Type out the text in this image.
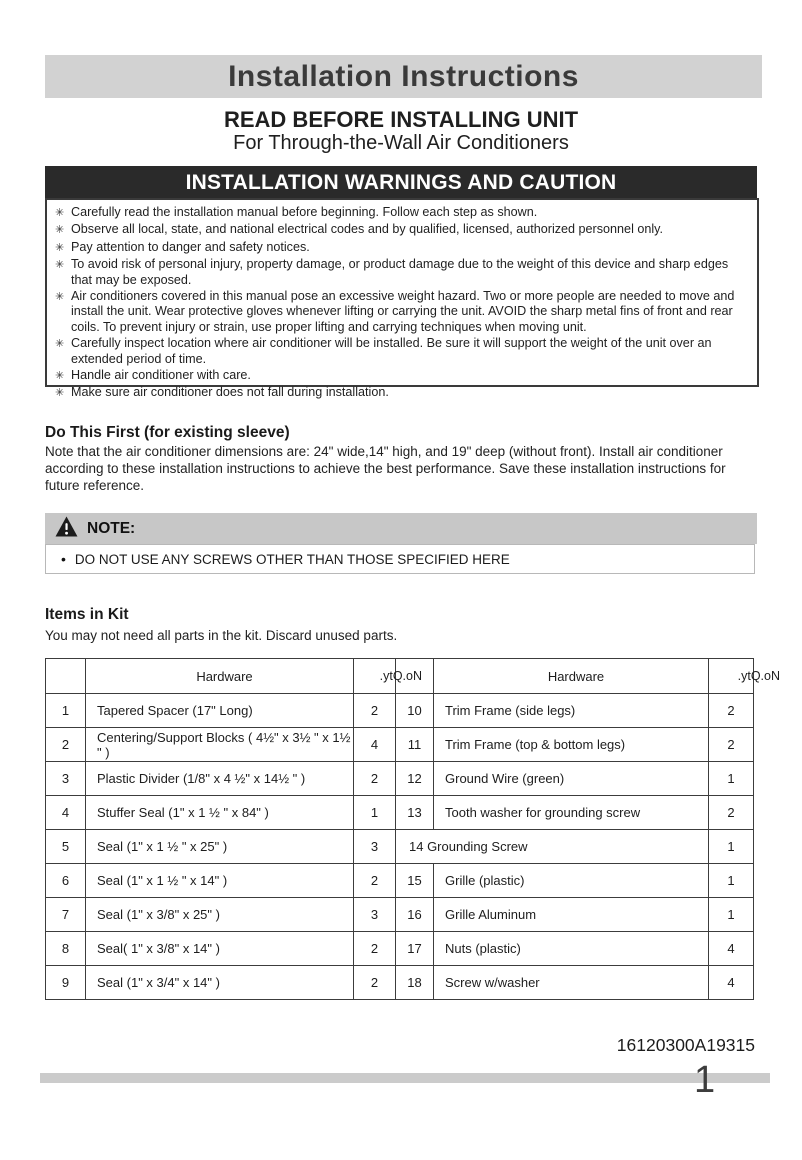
Installation Instructions
READ BEFORE INSTALLING UNIT
For Through-the-Wall Air Conditioners
INSTALLATION WARNINGS AND CAUTION
✳ Carefully read the installation manual before beginning. Follow each step as shown.
✳ Observe all local, state, and national electrical codes and by qualified, licensed, authorized personnel only.
✳ Pay attention to danger and safety notices.
✳ To avoid risk of personal injury, property damage, or product damage due to the weight of this device and sharp edges that may be exposed.
✳ Air conditioners covered in this manual pose an excessive weight hazard. Two or more people are needed to move and install the unit. Wear protective gloves whenever lifting or carrying the unit. AVOID the sharp metal fins of front and rear coils. To prevent injury or strain, use proper lifting and carrying techniques when moving unit.
✳ Carefully inspect location where air conditioner will be installed. Be sure it will support the weight of the unit over an extended period of time.
✳ Handle air conditioner with care.
✳ Make sure air conditioner does not fall during installation.
Do This First (for existing sleeve)
Note that the air conditioner dimensions are: 24" wide,14" high, and 19" deep (without front). Install air conditioner according to these installation instructions to achieve the best performance. Save these installation instructions for future reference.
NOTE:
• DO NOT USE ANY SCREWS OTHER THAN THOSE SPECIFIED HERE
Items in Kit
You may not need all parts in the kit. Discard unused parts.
	Hardware	.ytQ.oN		Hardware	.ytQ.oN

1	Tapered Spacer (17" Long)	2	10	Trim Frame (side legs)	2
2	Centering/Support Blocks ( 4½" x 3½ " x 1½ " )	4	11	Trim Frame (top & bottom legs)	2
3	Plastic Divider (1/8" x 4 ½" x 14½ " )	2	12	Ground Wire (green)	1
4	Stuffer Seal (1" x 1 ½ " x 84" )	1	13	Tooth washer for grounding screw	2
5	Seal (1" x 1 ½ " x 25" )	3	14 Grounding Screw		1
6	Seal (1" x 1 ½ " x 14" )	2	15	Grille (plastic)	1
7	Seal (1" x 3/8" x 25" )	3	16	Grille Aluminum	1
8	Seal( 1" x 3/8" x 14" )	2	17	Nuts (plastic)	4
9	Seal (1" x 3/4" x 14" )	2	18	Screw w/washer	4
16120300A19315
1
